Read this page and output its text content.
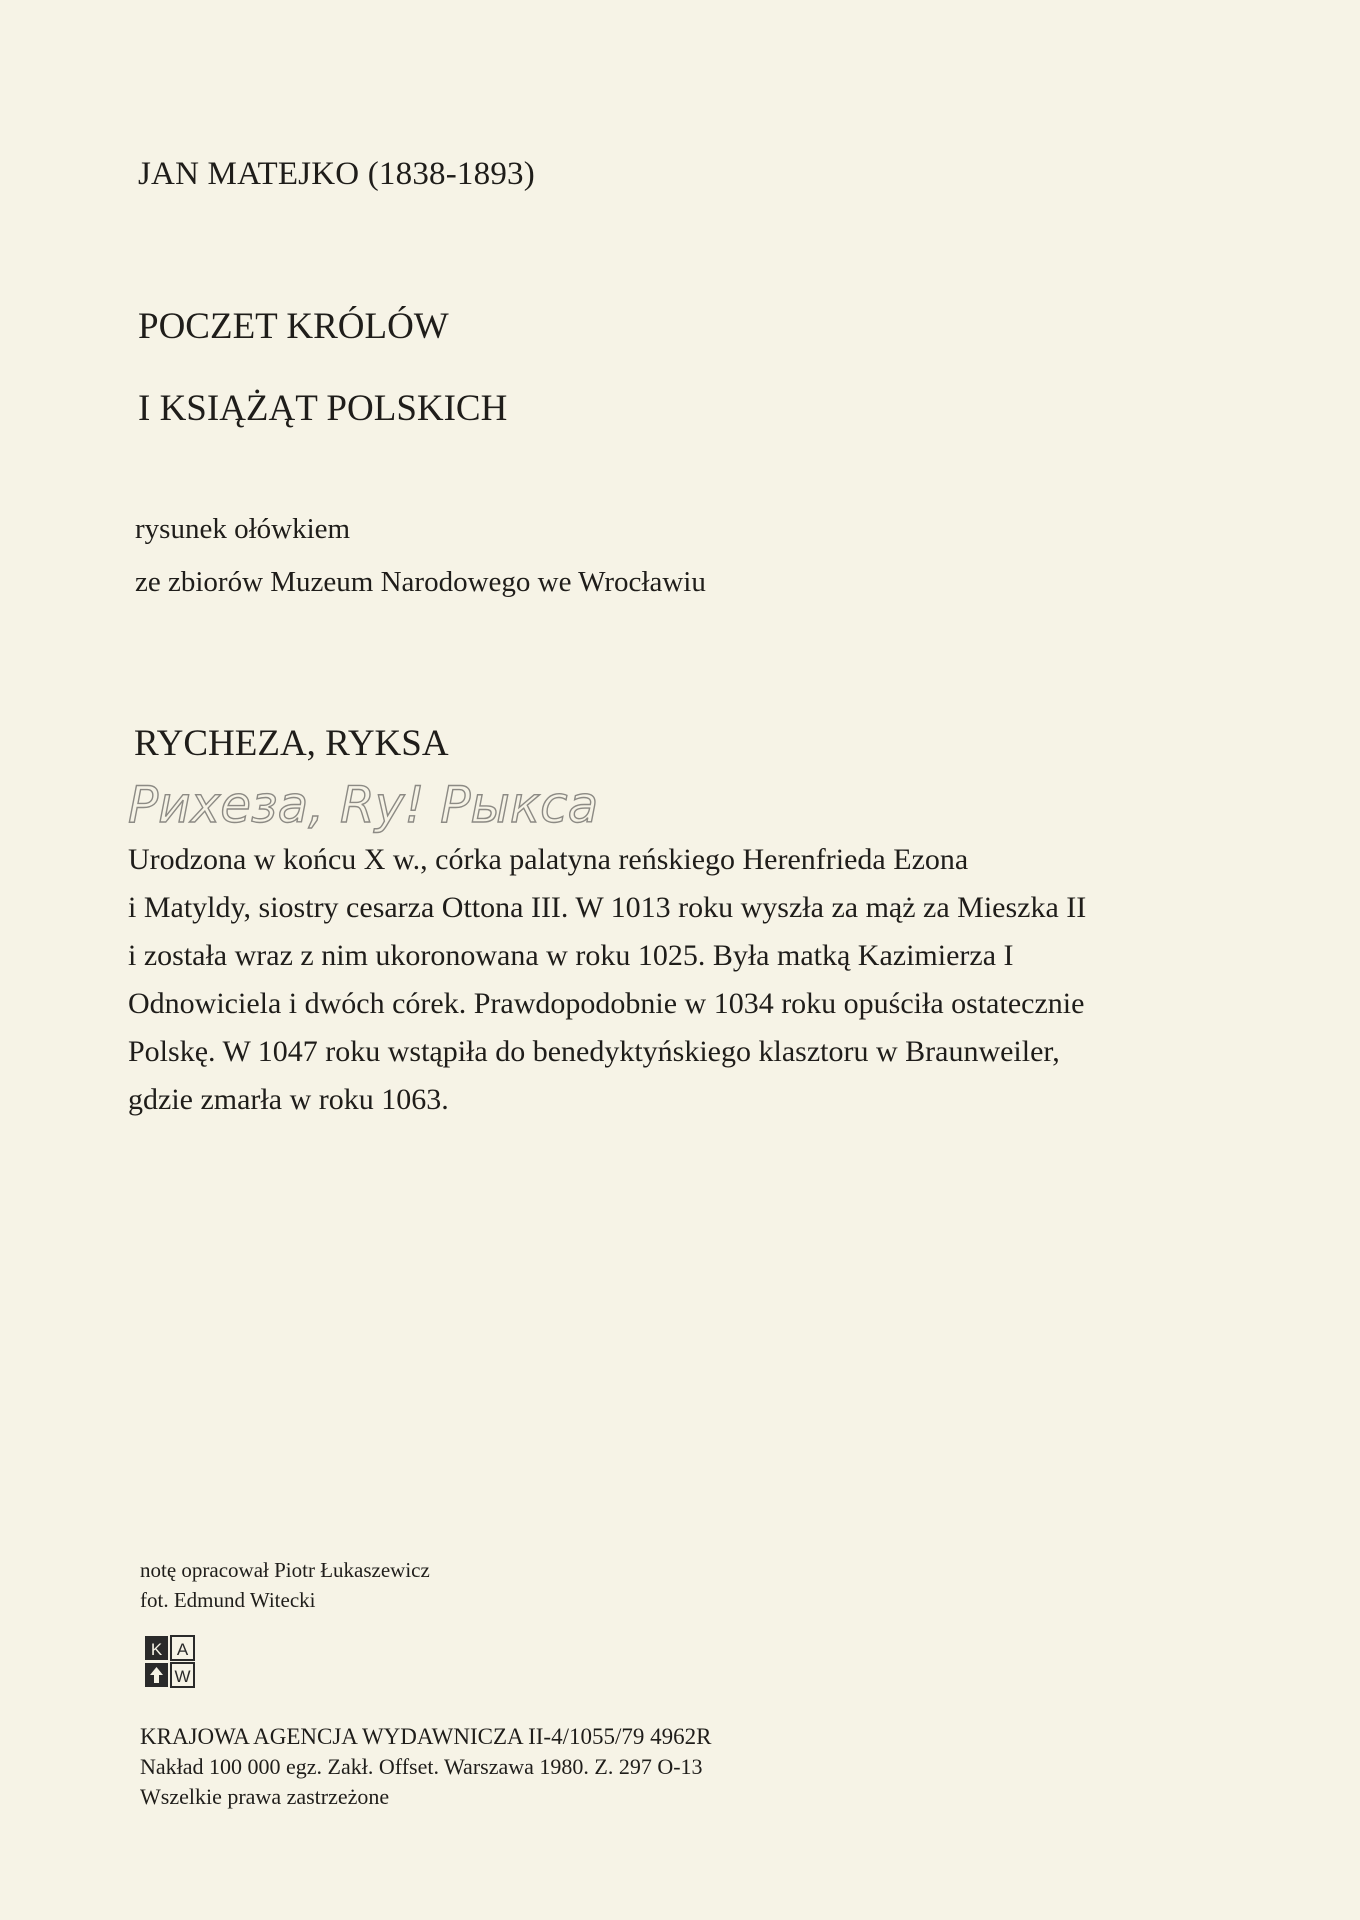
JAN MATEJKO (1838-1893)
POCZET KRÓLÓW
I KSIĄŻĄT POLSKICH
rysunek ołówkiem
ze zbiorów Muzeum Narodowego we Wrocławiu
RYCHEZA, RYKSA
Рихеза, Ry! Рыкса
Urodzona w końcu X w., córka palatyna reńskiego Herenfrieda Ezona
i Matyldy, siostry cesarza Ottona III. W 1013 roku wyszła za mąż za Mieszka II
i została wraz z nim ukoronowana w roku 1025. Była matką Kazimierza I
Odnowiciela i dwóch córek. Prawdopodobnie w 1034 roku opuściła ostatecznie
Polskę. W 1047 roku wstąpiła do benedyktyńskiego klasztoru w Braunweiler,
gdzie zmarła w roku 1063.
notę opracował Piotr Łukaszewicz
fot. Edmund Witecki
K A
W
KRAJOWA AGENCJA WYDAWNICZA II-4/1055/79 4962R
Nakład 100 000 egz. Zakł. Offset. Warszawa 1980. Z. 297 O-13
Wszelkie prawa zastrzeżone
